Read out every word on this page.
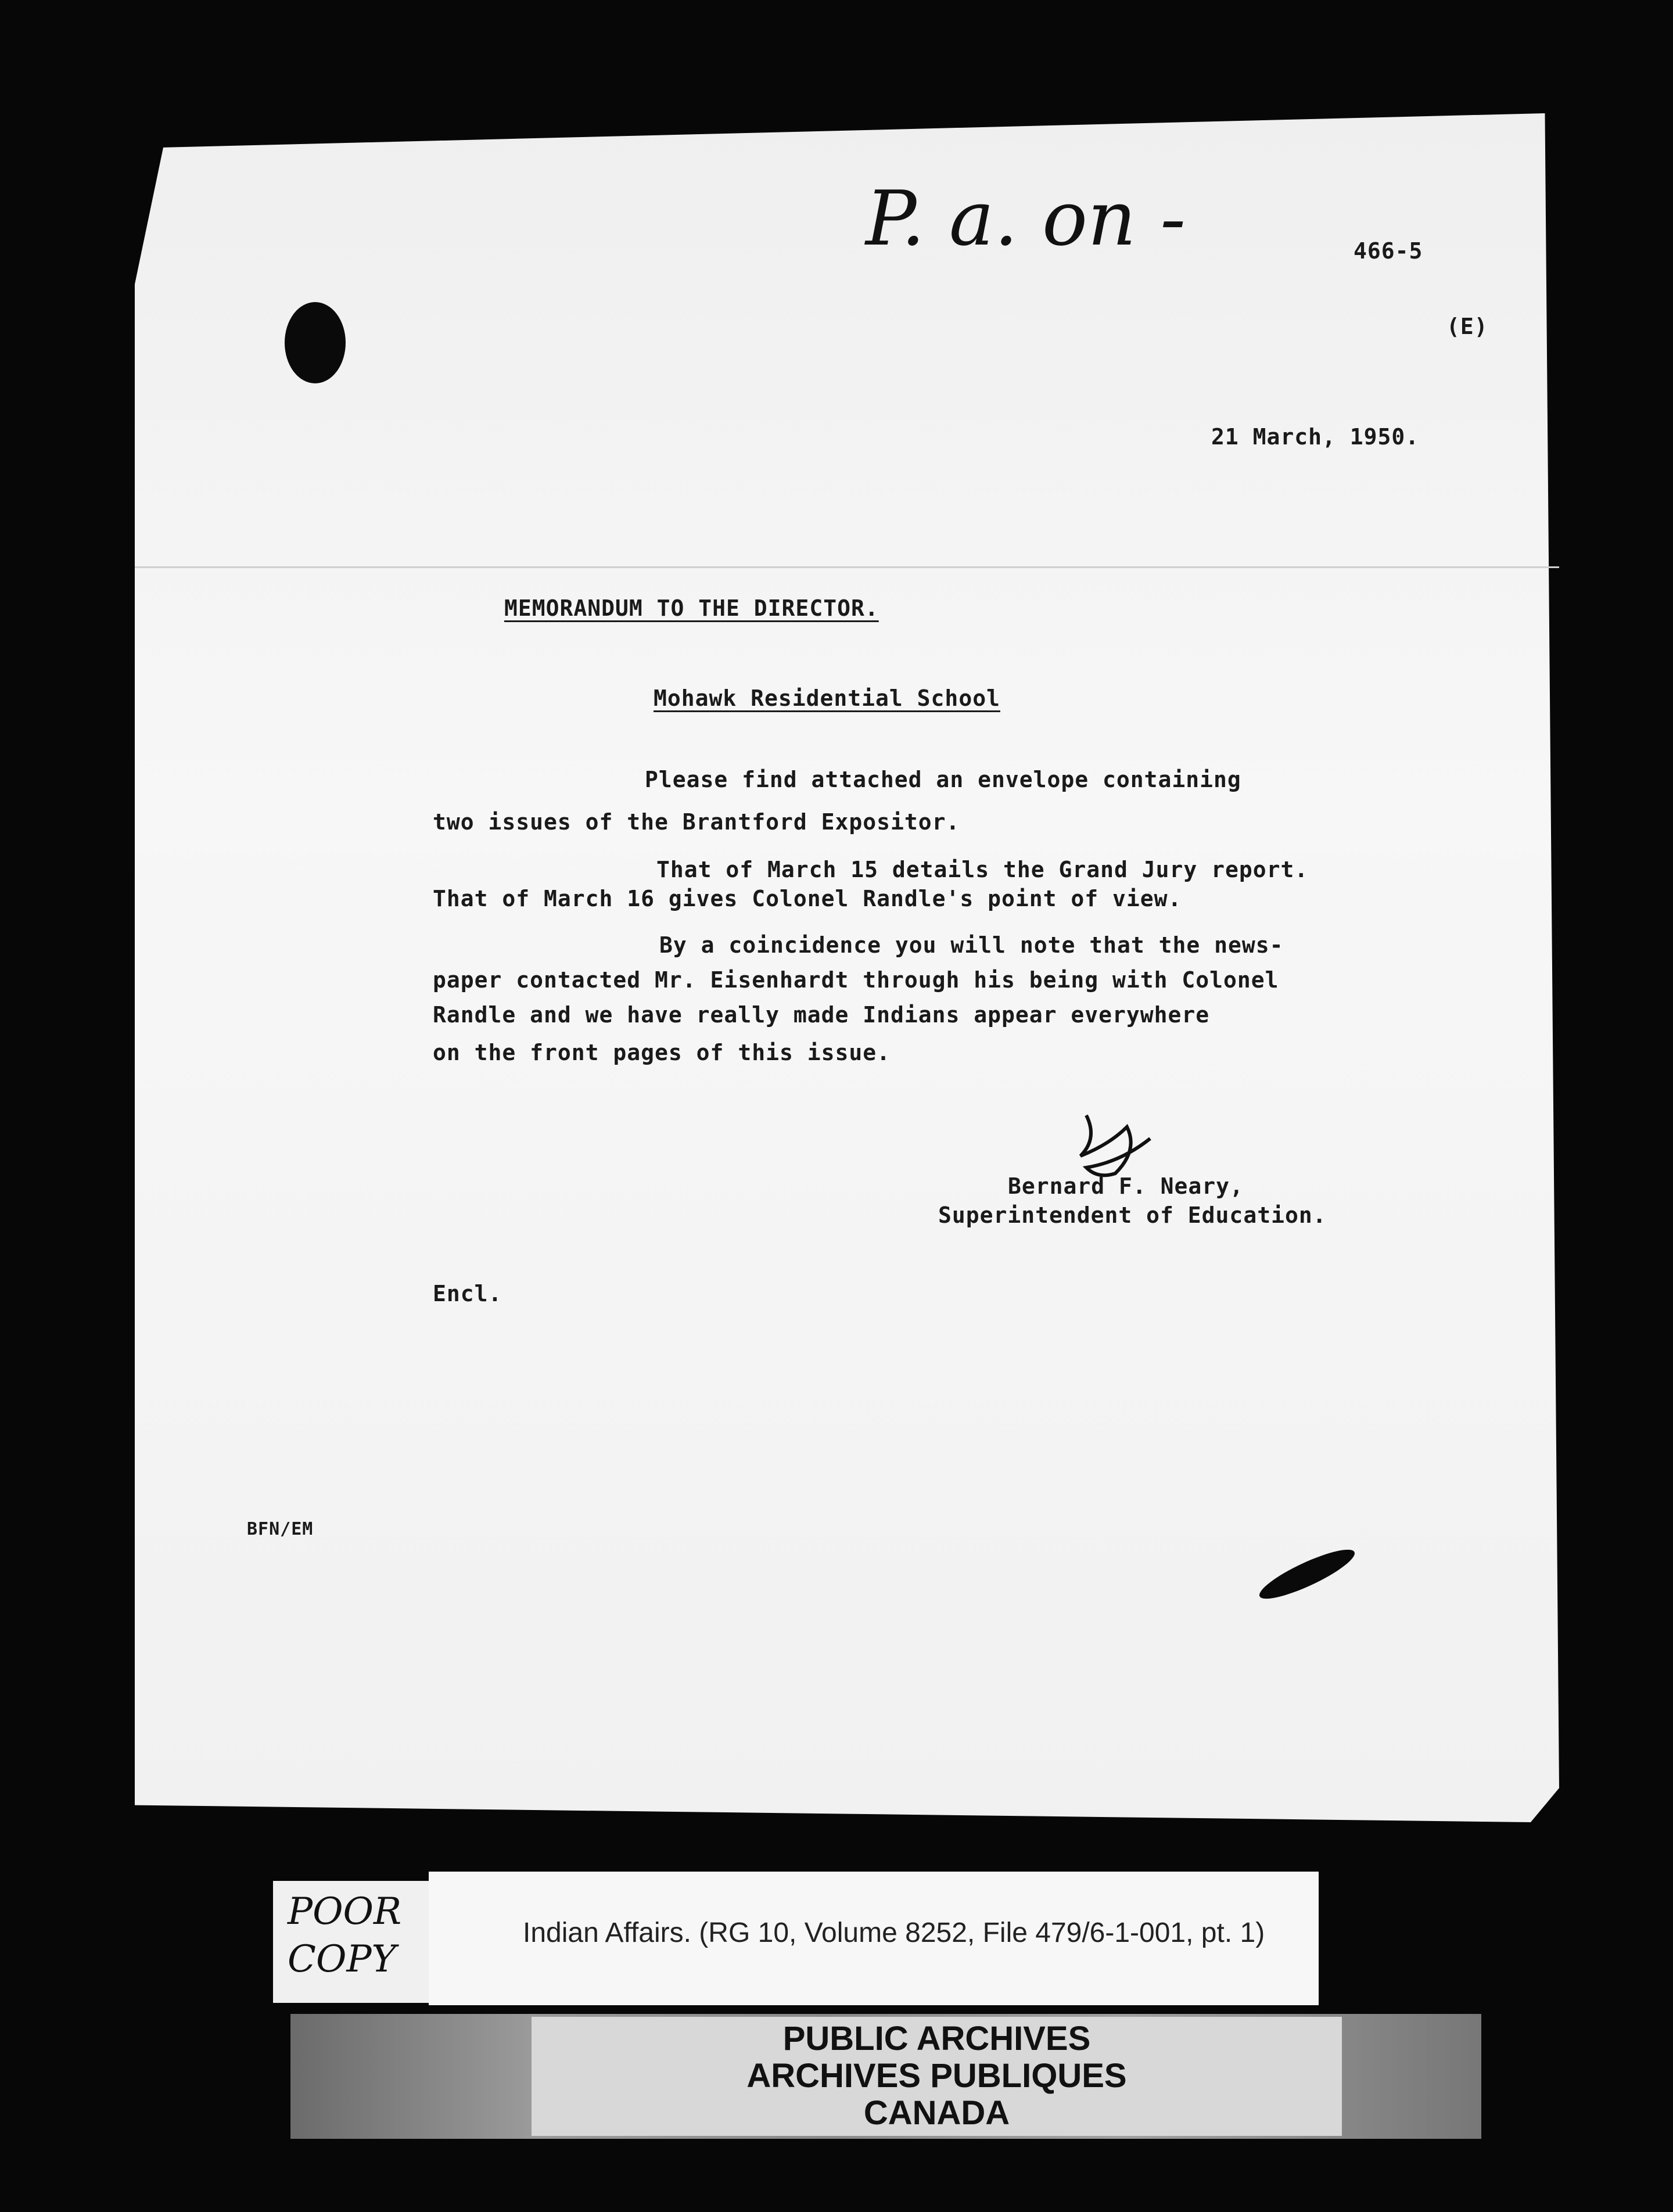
P. a. on -	466-5
(E)
21 March, 1950.
MEMORANDUM TO THE DIRECTOR.
Mohawk Residential School
Please find attached an envelope containing
two issues of the Brantford Expositor.
That of March 15 details the Grand Jury report.
That of March 16 gives Colonel Randle's point of view.
By a coincidence you will note that the news-
paper contacted Mr. Eisenhardt through his being with Colonel
Randle and we have really made Indians appear everywhere
on the front pages of this issue.
Bernard F. Neary,
Superintendent of Education.
Encl.
BFN/EM
POOR
COPY
Indian Affairs. (RG 10, Volume 8252, File 479/6-1-001, pt. 1)
PUBLIC ARCHIVES
ARCHIVES PUBLIQUES
CANADA
